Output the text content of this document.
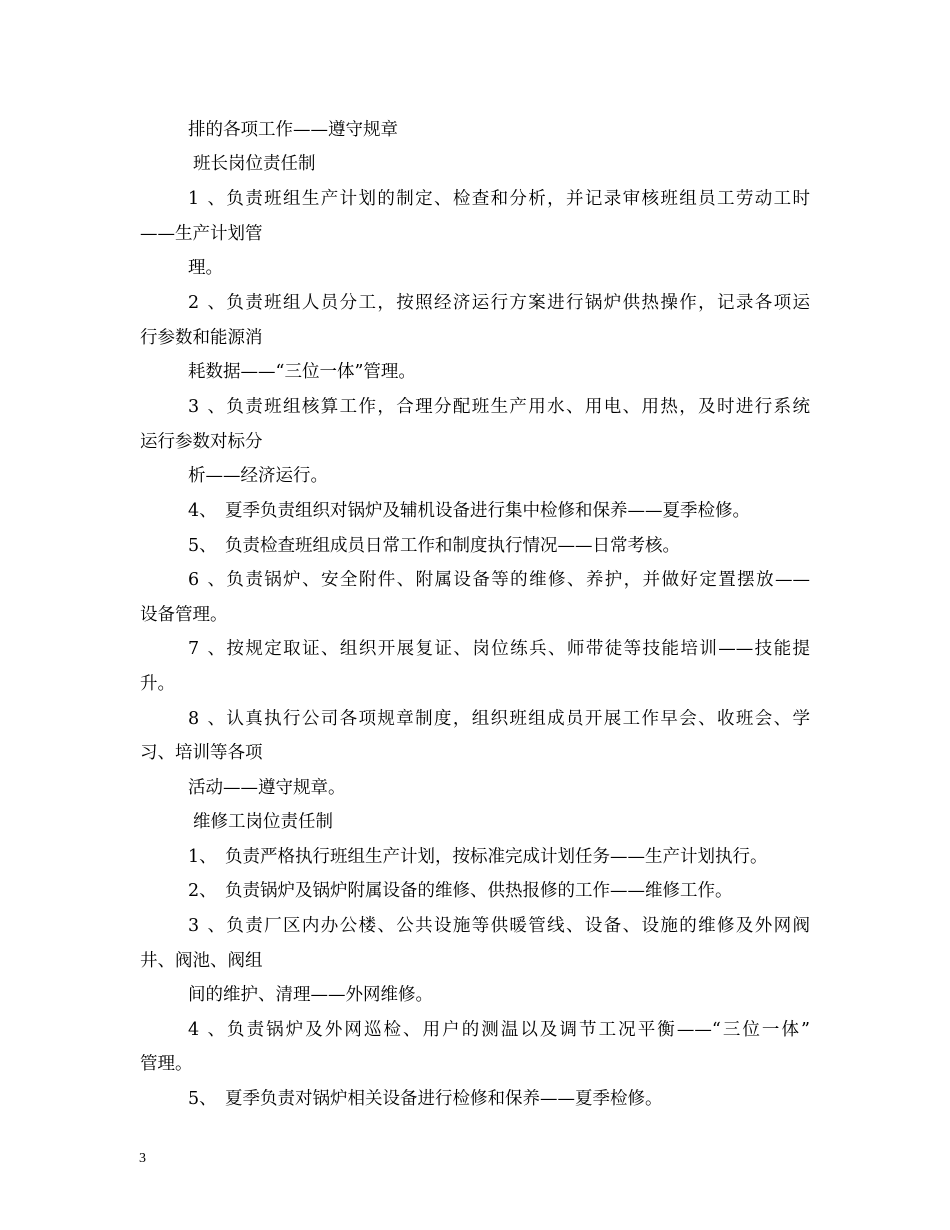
排的各项工作——遵守规章
班长岗位责任制
1、负责班组生产计划的制定、检查和分析，并记录审核班组员工劳动工时
——生产计划管
理。
2、负责班组人员分工，按照经济运行方案进行锅炉供热操作，记录各项运
行参数和能源消
耗数据——“三位一体”管理。
3、负责班组核算工作，合理分配班生产用水、用电、用热，及时进行系统
运行参数对标分
析——经济运行。
4、 夏季负责组织对锅炉及辅机设备进行集中检修和保养——夏季检修。
5、 负责检查班组成员日常工作和制度执行情况——日常考核。
6、负责锅炉、安全附件、附属设备等的维修、养护，并做好定置摆放——
设备管理。
7、按规定取证、组织开展复证、岗位练兵、师带徒等技能培训——技能提
升。
8、认真执行公司各项规章制度，组织班组成员开展工作早会、收班会、学
习、培训等各项
活动——遵守规章。
维修工岗位责任制
1、 负责严格执行班组生产计划，按标准完成计划任务——生产计划执行。
2、 负责锅炉及锅炉附属设备的维修、供热报修的工作——维修工作。
3、负责厂区内办公楼、公共设施等供暖管线、设备、设施的维修及外网阀
井、阀池、阀组
间的维护、清理——外网维修。
4、负责锅炉及外网巡检、用户的测温以及调节工况平衡——“三位一体”
管理。
5、 夏季负责对锅炉相关设备进行检修和保养——夏季检修。
3
